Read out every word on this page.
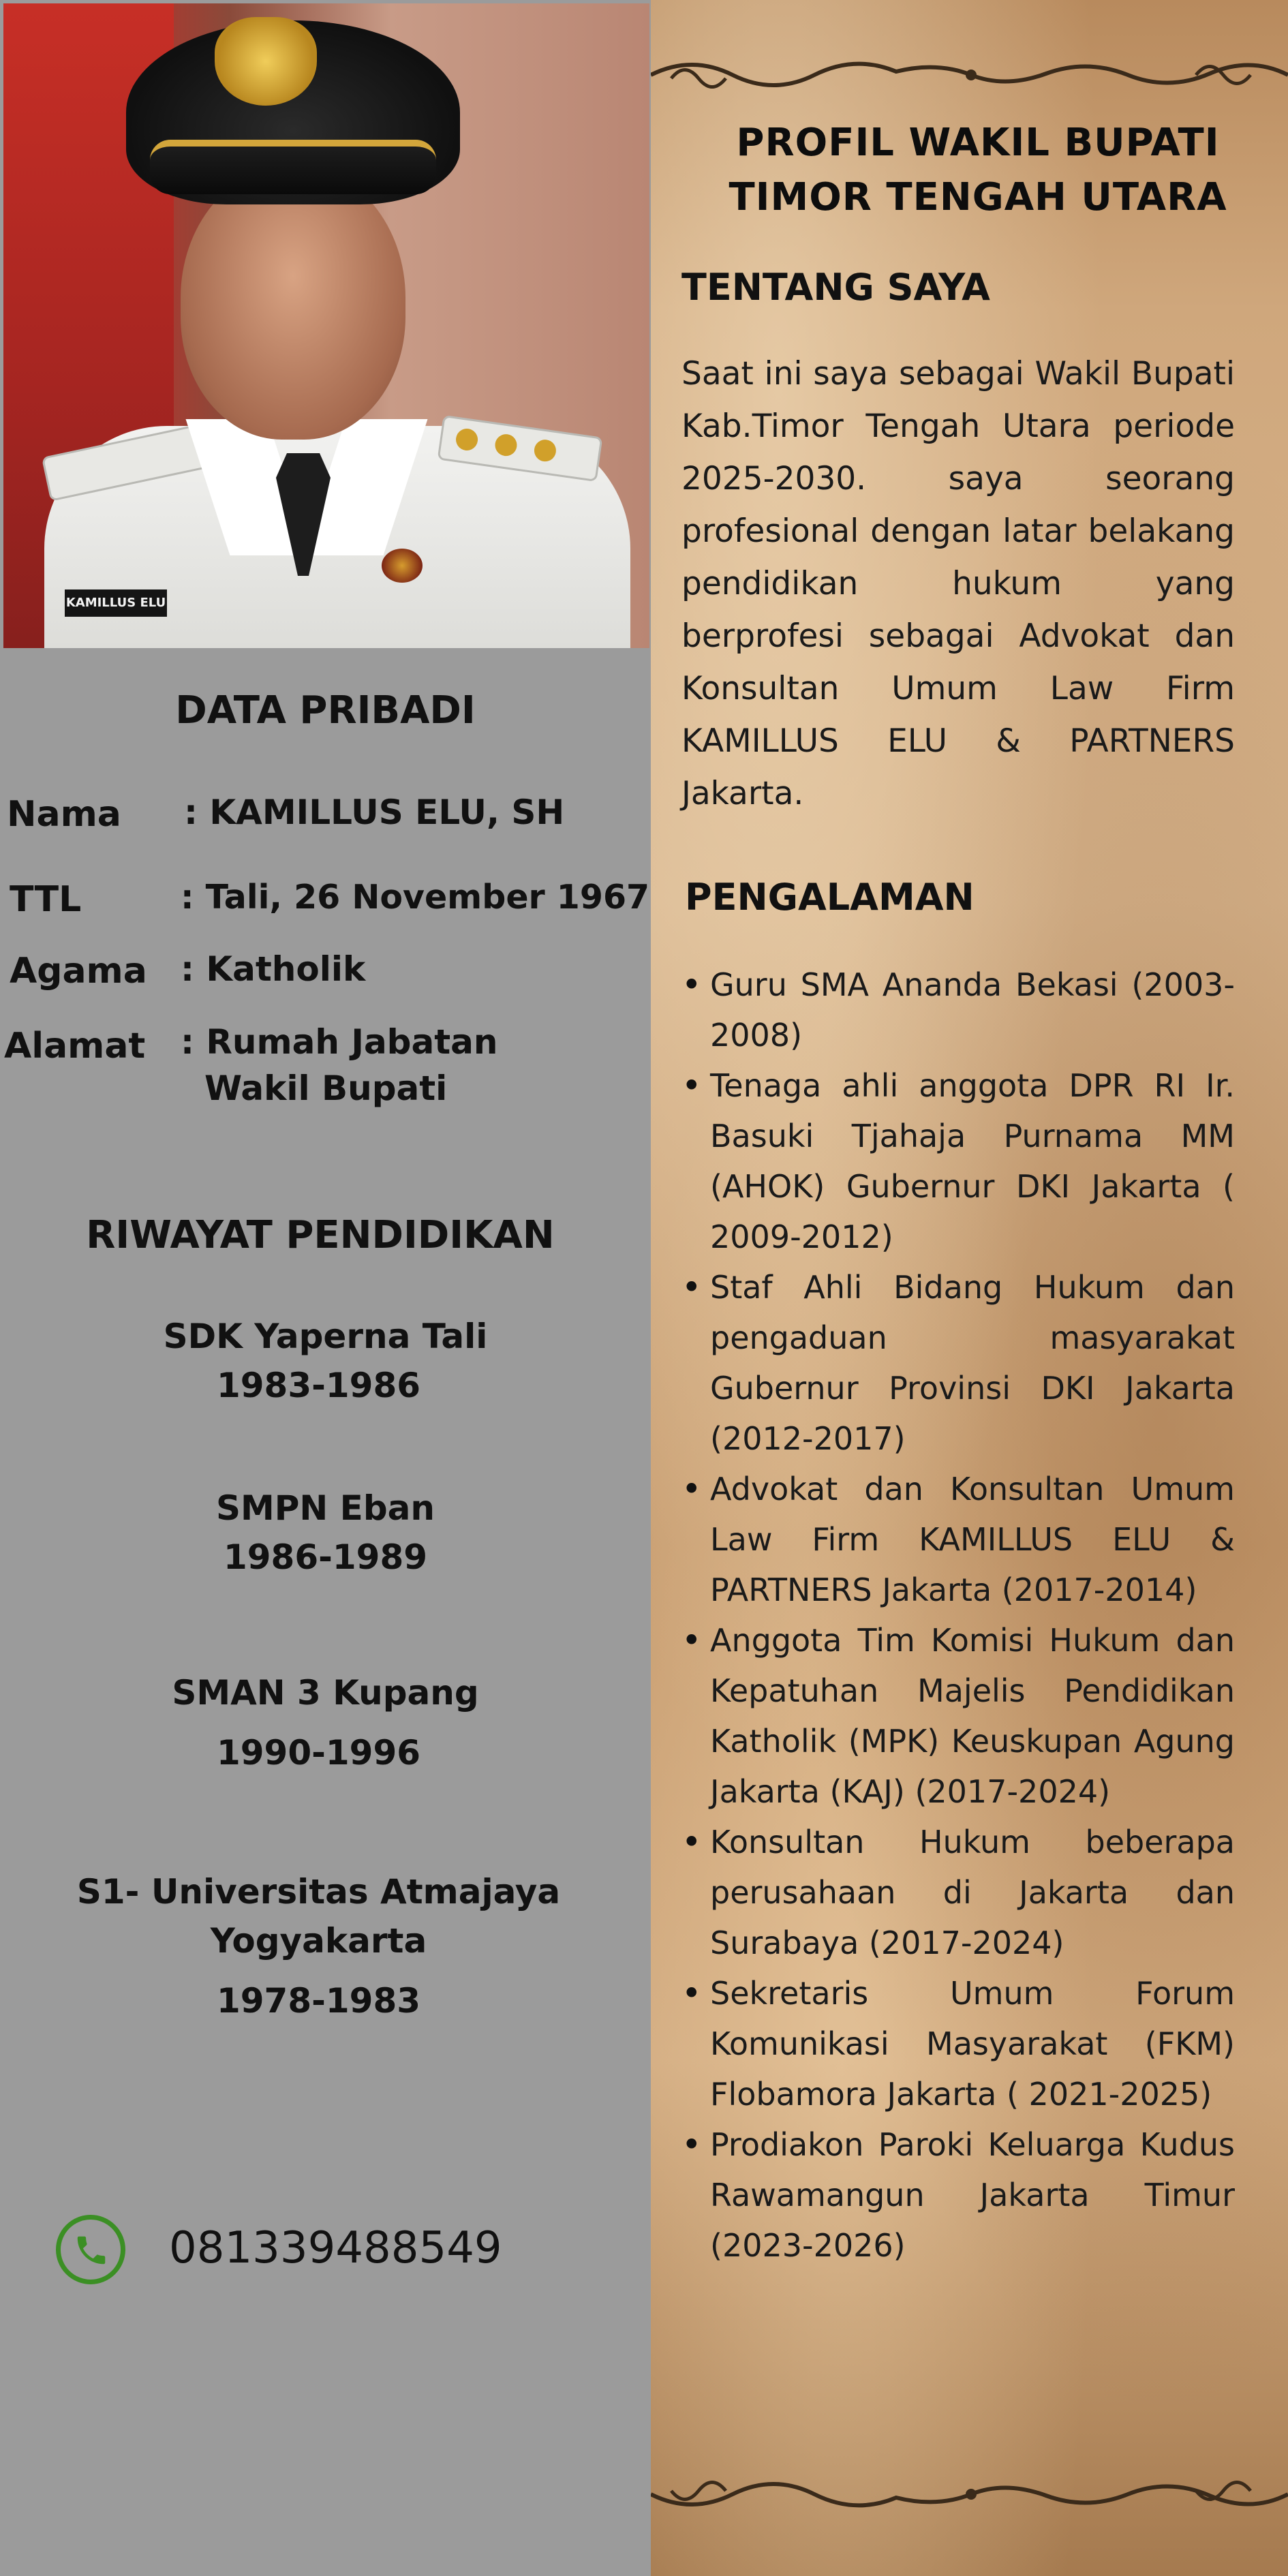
KAMILLUS ELU
DATA PRIBADI
Nama : KAMILLUS ELU, SH
TTL	: Tali, 26 November 1967
Agama : Katholik
Alamat : Rumah Jabatan
Wakil Bupati
RIWAYAT PENDIDIKAN
SDK Yaperna Tali
1983-1986
SMPN Eban
1986-1989
SMAN 3 Kupang
1990-1996
S1- Universitas Atmajaya
Yogyakarta
1978-1983
081339488549
PROFIL WAKIL BUPATI
TIMOR TENGAH UTARA
TENTANG SAYA
Saat ini saya sebagai Wakil Bupati Kab.Timor Tengah Utara periode 2025-2030. saya seorang profesional dengan latar belakang pendidikan hukum yang berprofesi sebagai Advokat dan Konsultan Umum Law Firm KAMILLUS ELU & PARTNERS Jakarta.
PENGALAMAN
• Guru SMA Ananda Bekasi (2003-2008)
• Tenaga ahli anggota DPR RI Ir. Basuki Tjahaja Purnama MM (AHOK) Gubernur DKI Jakarta ( 2009-2012)
• Staf Ahli Bidang Hukum dan pengaduan masyarakat Gubernur Provinsi DKI Jakarta (2012-2017)
• Advokat dan Konsultan Umum Law Firm KAMILLUS ELU & PARTNERS Jakarta (2017-2014)
• Anggota Tim Komisi Hukum dan Kepatuhan Majelis Pendidikan Katholik (MPK) Keuskupan Agung Jakarta (KAJ) (2017-2024)
• Konsultan Hukum beberapa perusahaan di Jakarta dan Surabaya (2017-2024)
• Sekretaris Umum Forum Komunikasi Masyarakat (FKM) Flobamora Jakarta ( 2021-2025)
• Prodiakon Paroki Keluarga Kudus Rawamangun Jakarta Timur (2023-2026)
